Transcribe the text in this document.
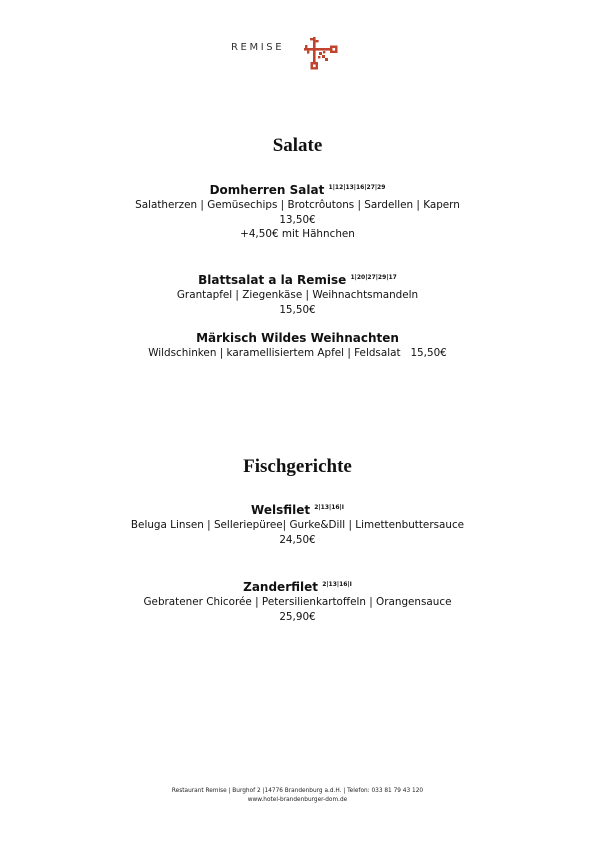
REMISE
Salate
Domherren Salat $^{1|12|13|16|27|29}$
Salatherzen | Gemüsechips | Brotcrôutons | Sardellen | Kapern
13,50€
+4,50€ mit Hähnchen
Blattsalat a la Remise $^{1|20|27|29|17}$
Grantapfel | Ziegenkäse | Weihnachtsmandeln
15,50€
Märkisch Wildes Weihnachten
Wildschinken | karamellisiertem Apfel | Feldsalat   15,50€
Fischgerichte
Welsfilet $^{2|13|16|I}$
Beluga Linsen | Selleriepüree| Gurke&Dill | Limettenbuttersauce
24,50€
Zanderfilet $^{2|13|16|I}$
Gebratener Chicorée | Petersilienkartoffeln | Orangensauce
25,90€
Restaurant Remise | Burghof 2 |14776 Brandenburg a.d.H. | Telefon: 033 81 79 43 120
www.hotel-brandenburger-dom.de
